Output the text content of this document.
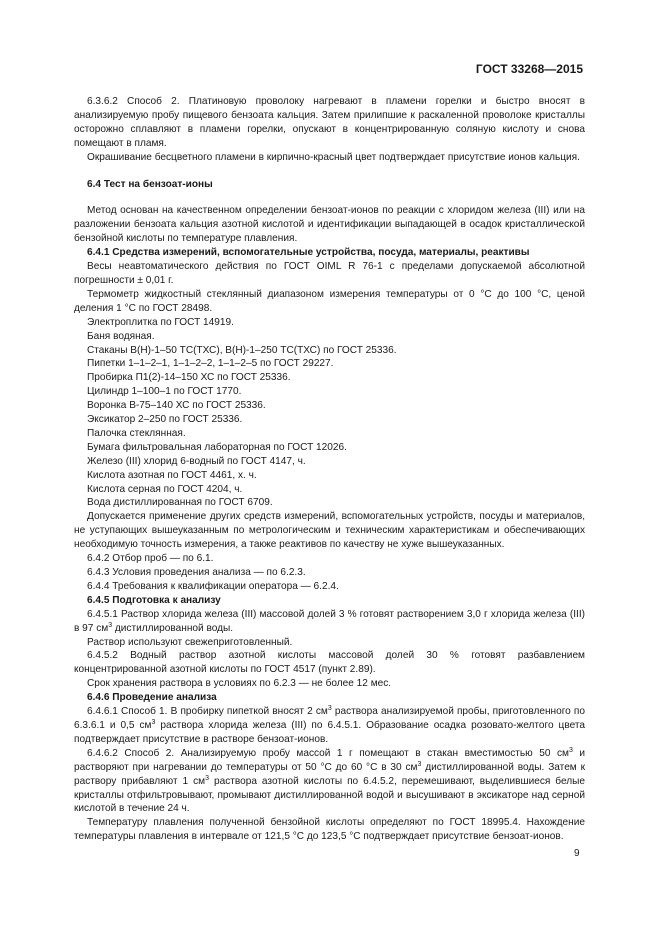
ГОСТ 33268—2015

6.3.6.2 Способ 2. Платиновую проволоку нагревают в пламени горелки и быстро вносят в анализируемую пробу пищевого бензоата кальция. Затем прилипшие к раскаленной проволоке кристаллы осторожно сплавляют в пламени горелки, опускают в концентрированную соляную кислоту и снова помещают в пламя.

Окрашивание бесцветного пламени в кирпично-красный цвет подтверждает присутствие ионов кальция.

6.4 Тест на бензоат-ионы

Метод основан на качественном определении бензоат-ионов по реакции с хлоридом железа (III) или на разложении бензоата кальция азотной кислотой и идентификации выпадающей в осадок кристаллической бензойной кислоты по температуре плавления.

6.4.1 Средства измерений, вспомогательные устройства, посуда, материалы, реактивы

Весы неавтоматического действия по ГОСТ OIML R 76-1 с пределами допускаемой абсолютной погрешности ± 0,01 г.

Термометр жидкостный стеклянный диапазоном измерения температуры от 0 °С до 100 °С, ценой деления 1 °С по ГОСТ 28498.

Электроплитка по ГОСТ 14919.

Баня водяная.

Стаканы В(Н)-1–50 ТС(ТХС), В(Н)-1–250 ТС(ТХС) по ГОСТ 25336.

Пипетки 1–1–2–1, 1–1–2–2, 1–1–2–5 по ГОСТ 29227.

Пробирка П1(2)-14–150 ХС по ГОСТ 25336.

Цилиндр 1–100–1 по ГОСТ 1770.

Воронка В-75–140 ХС по ГОСТ 25336.

Эксикатор 2–250 по ГОСТ 25336.

Палочка стеклянная.

Бумага фильтровальная лабораторная по ГОСТ 12026.

Железо (III) хлорид 6-водный по ГОСТ 4147, ч.

Кислота азотная по ГОСТ 4461, х. ч.

Кислота серная по ГОСТ 4204, ч.

Вода дистиллированная по ГОСТ 6709.

Допускается применение других средств измерений, вспомогательных устройств, посуды и материалов, не уступающих вышеуказанным по метрологическим и техническим характеристикам и обеспечивающих необходимую точность измерения, а также реактивов по качеству не хуже вышеуказанных.

6.4.2 Отбор проб — по 6.1.

6.4.3 Условия проведения анализа — по 6.2.3.

6.4.4 Требования к квалификации оператора — 6.2.4.

6.4.5 Подготовка к анализу

6.4.5.1 Раствор хлорида железа (III) массовой долей 3 % готовят растворением 3,0 г хлорида железа (III) в 97 $см^3$ дистиллированной воды.

Раствор используют свежеприготовленный.

6.4.5.2 Водный раствор азотной кислоты массовой долей 30 % готовят разбавлением концентрированной азотной кислоты по ГОСТ 4517 (пункт 2.89).

Срок хранения раствора в условиях по 6.2.3 — не более 12 мес.

6.4.6 Проведение анализа

6.4.6.1 Способ 1. В пробирку пипеткой вносят 2 $см^3$ раствора анализируемой пробы, приготовленного по 6.3.6.1 и 0,5 $см^3$ раствора хлорида железа (III) по 6.4.5.1. Образование осадка розовато-желтого цвета подтверждает присутствие в растворе бензоат-ионов.

6.4.6.2 Способ 2. Анализируемую пробу массой 1 г помещают в стакан вместимостью 50 $см^3$ и растворяют при нагревании до температуры от 50 °С до 60 °С в 30 $см^3$ дистиллированной воды. Затем к раствору прибавляют 1 $см^3$ раствора азотной кислоты по 6.4.5.2, перемешивают, выделившиеся белые кристаллы отфильтровывают, промывают дистиллированной водой и высушивают в эксикаторе над серной кислотой в течение 24 ч.

Температуру плавления полученной бензойной кислоты определяют по ГОСТ 18995.4. Нахождение температуры плавления в интервале от 121,5 °С до 123,5 °С подтверждает присутствие бензоат-ионов.

9
